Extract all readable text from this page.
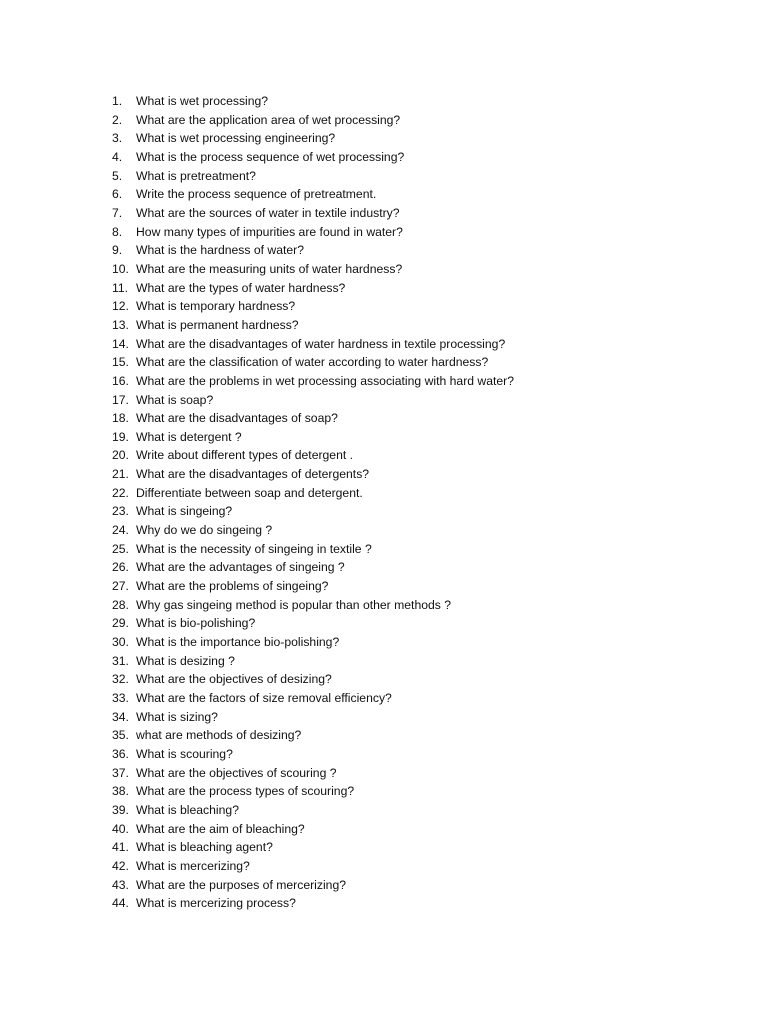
1.	What is wet processing?
2.	What are the application area of wet processing?
3.	What is wet processing engineering?
4.	What is the process sequence of wet processing?
5.	What is pretreatment?
6.	Write the process sequence of pretreatment.
7.	What are the sources of water in textile industry?
8.	How many types of impurities are found in water?
9.	What is the hardness of water?
10. What are the measuring units of water hardness?
11. What are the types of water hardness?
12. What is temporary hardness?
13. What is permanent hardness?
14. What are the disadvantages of water hardness in textile processing?
15. What are the classification of water according to water hardness?
16. What are the problems in wet processing associating with hard water?
17. What is soap?
18. What are the disadvantages of soap?
19. What is detergent ?
20. Write about different types of detergent .
21. What are the disadvantages of detergents?
22. Differentiate between soap and detergent.
23. What is singeing?
24. Why do we do singeing ?
25. What is the necessity of singeing in textile ?
26. What are the advantages of singeing ?
27. What are the problems of singeing?
28. Why gas singeing method is popular than other methods ?
29. What is bio-polishing?
30. What is the importance bio-polishing?
31. What is desizing ?
32. What are the objectives of desizing?
33. What are the factors of size removal efficiency?
34. What is sizing?
35. what are methods of desizing?
36. What is scouring?
37. What are the objectives of scouring ?
38. What are the process types of scouring?
39. What is bleaching?
40. What are the aim of bleaching?
41. What is bleaching agent?
42. What is mercerizing?
43. What are the purposes of mercerizing?
44. What is mercerizing process?
